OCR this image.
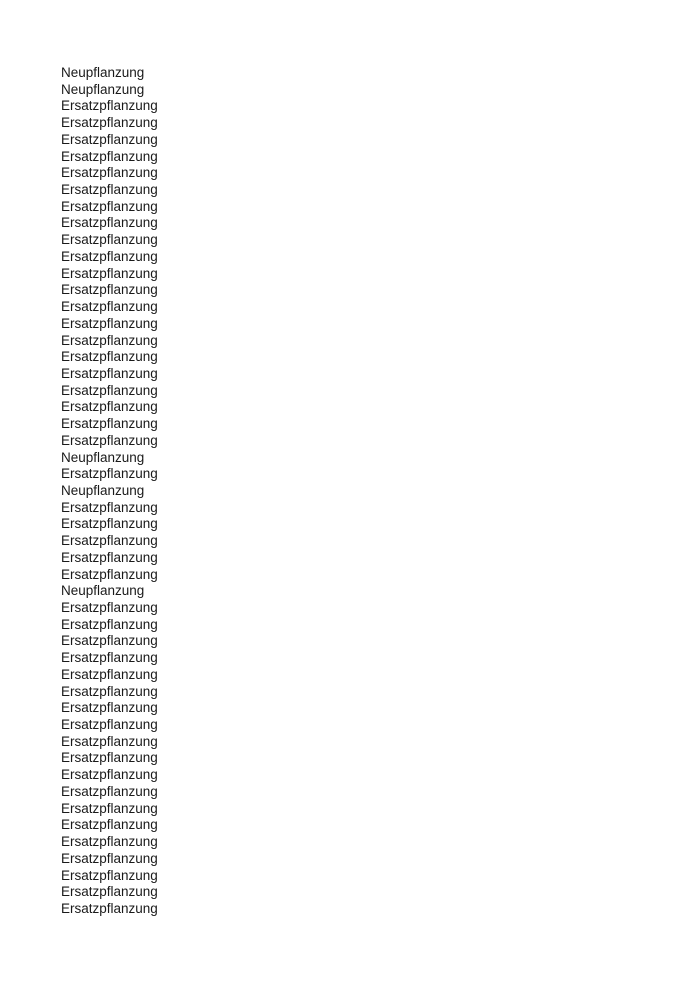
Neupflanzung
Neupflanzung
Ersatzpflanzung
Ersatzpflanzung
Ersatzpflanzung
Ersatzpflanzung
Ersatzpflanzung
Ersatzpflanzung
Ersatzpflanzung
Ersatzpflanzung
Ersatzpflanzung
Ersatzpflanzung
Ersatzpflanzung
Ersatzpflanzung
Ersatzpflanzung
Ersatzpflanzung
Ersatzpflanzung
Ersatzpflanzung
Ersatzpflanzung
Ersatzpflanzung
Ersatzpflanzung
Ersatzpflanzung
Ersatzpflanzung
Neupflanzung
Ersatzpflanzung
Neupflanzung
Ersatzpflanzung
Ersatzpflanzung
Ersatzpflanzung
Ersatzpflanzung
Ersatzpflanzung
Neupflanzung
Ersatzpflanzung
Ersatzpflanzung
Ersatzpflanzung
Ersatzpflanzung
Ersatzpflanzung
Ersatzpflanzung
Ersatzpflanzung
Ersatzpflanzung
Ersatzpflanzung
Ersatzpflanzung
Ersatzpflanzung
Ersatzpflanzung
Ersatzpflanzung
Ersatzpflanzung
Ersatzpflanzung
Ersatzpflanzung
Ersatzpflanzung
Ersatzpflanzung
Ersatzpflanzung
